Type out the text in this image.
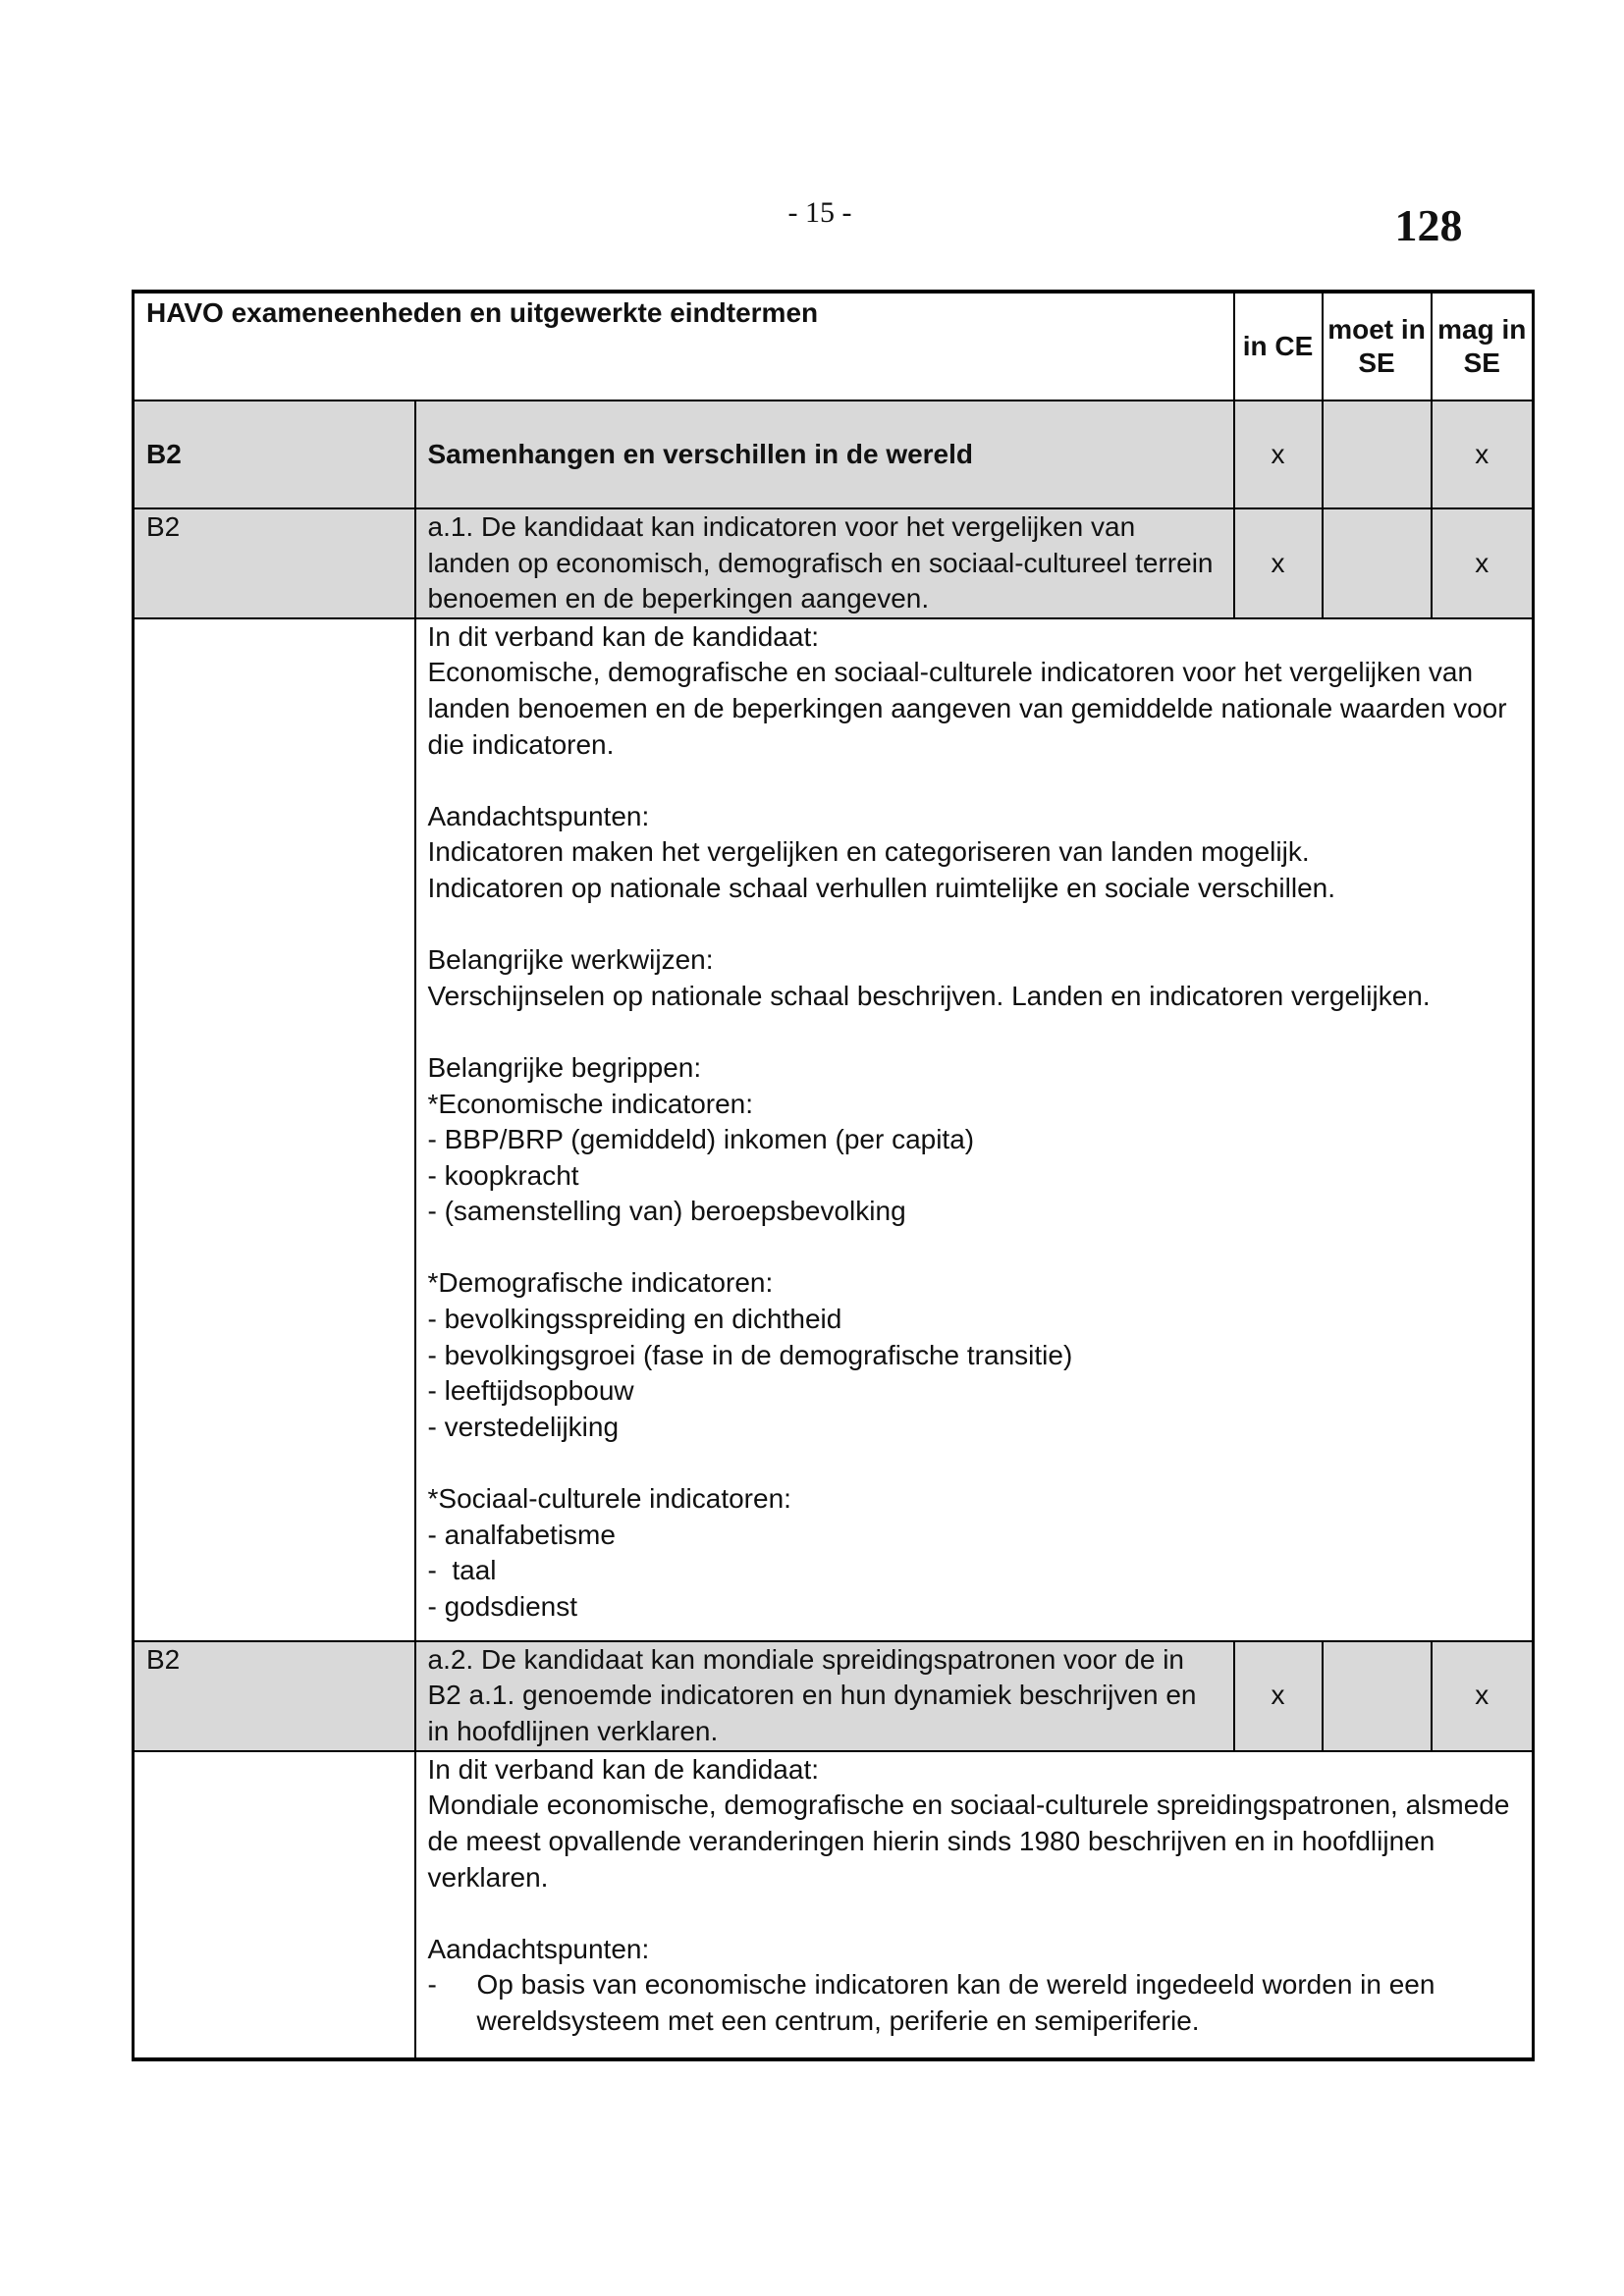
- 15 -	128
HAVO exameneenheden en uitgewerkte eindtermen		in CE	moet in SE	mag in SE
B2	Samenhangen en verschillen in de wereld	x		x
B2	a.1. De kandidaat kan indicatoren voor het vergelijken van landen op economisch, demografisch en sociaal-cultureel terrein benoemen en de beperkingen aangeven.	x		x

In dit verband kan de kandidaat:
Economische, demografische en sociaal-culturele indicatoren voor het vergelijken van landen benoemen en de beperkingen aangeven van gemiddelde nationale waarden voor die indicatoren.
Aandachtspunten:
Indicatoren maken het vergelijken en categoriseren van landen mogelijk.
Indicatoren op nationale schaal verhullen ruimtelijke en sociale verschillen.
Belangrijke werkwijzen:
Verschijnselen op nationale schaal beschrijven. Landen en indicatoren vergelijken.
Belangrijke begrippen:
*Economische indicatoren:
- BBP/BRP (gemiddeld) inkomen (per capita)
- koopkracht
- (samenstelling van) beroepsbevolking
*Demografische indicatoren:
- bevolkingsspreiding en dichtheid
- bevolkingsgroei (fase in de demografische transitie)
- leeftijdsopbouw
- verstedelijking
*Sociaal-culturele indicatoren:
- analfabetisme
-  taal
- godsdienst

B2	a.2. De kandidaat kan mondiale spreidingspatronen voor de in B2 a.1. genoemde indicatoren en hun dynamiek beschrijven en in hoofdlijnen verklaren.	x		x

	In dit verband kan de kandidaat:
Mondiale economische, demografische en sociaal-culturele spreidingspatronen, alsmede de meest opvallende veranderingen hierin sinds 1980 beschrijven en in hoofdlijnen verklaren.
Aandachtspunten:
- Op basis van economische indicatoren kan de wereld ingedeeld worden in een wereldsysteem met een centrum, periferie en semiperiferie.			
